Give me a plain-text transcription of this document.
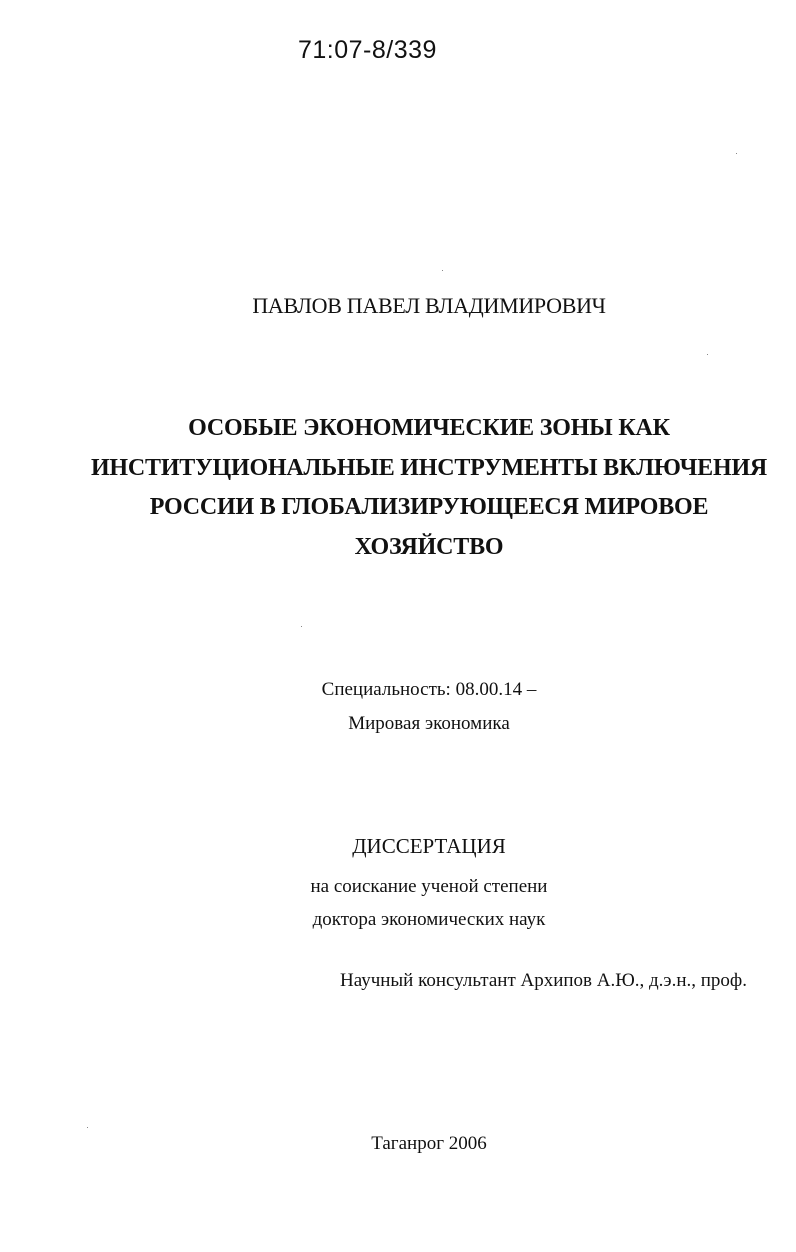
71:07-8/339
ПАВЛОВ ПАВЕЛ ВЛАДИМИРОВИЧ
ОСОБЫЕ ЭКОНОМИЧЕСКИЕ ЗОНЫ КАК
ИНСТИТУЦИОНАЛЬНЫЕ ИНСТРУМЕНТЫ ВКЛЮЧЕНИЯ
РОССИИ В ГЛОБАЛИЗИРУЮЩЕЕСЯ МИРОВОЕ
ХОЗЯЙСТВО
Специальность: 08.00.14 –
Мировая экономика
ДИССЕРТАЦИЯ
на соискание ученой степени
доктора экономических наук
Научный консультант Архипов А.Ю., д.э.н., проф.
Таганрог 2006
